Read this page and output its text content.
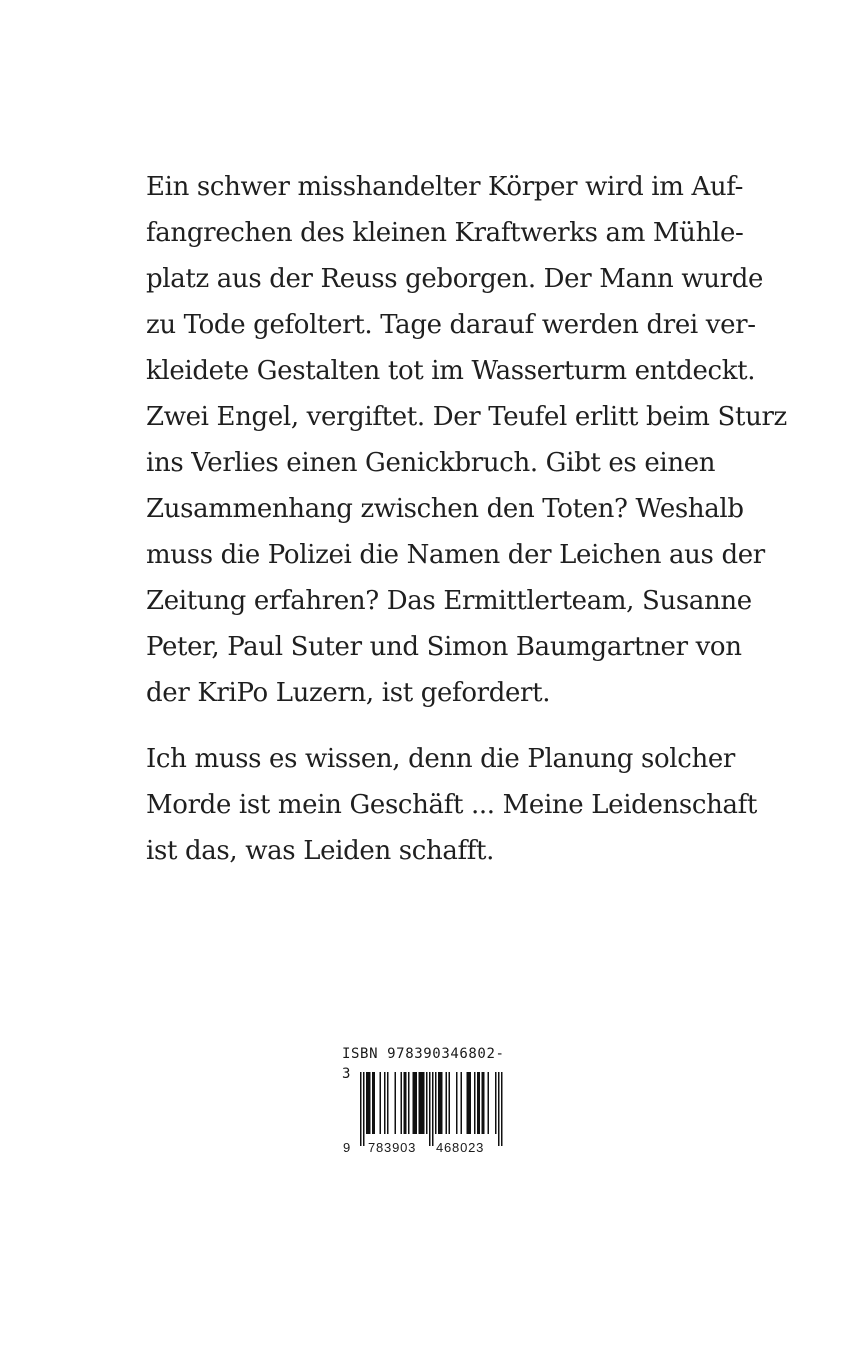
Ein schwer misshandelter Körper wird im Auf-
fangrechen des kleinen Kraftwerks am Mühle-
platz aus der Reuss geborgen. Der Mann wurde
zu Tode gefoltert. Tage darauf werden drei ver-
kleidete Gestalten tot im Wasserturm entdeckt.
Zwei Engel, vergiftet. Der Teufel erlitt beim Sturz
ins Verlies einen Genickbruch. Gibt es einen
Zusammenhang zwischen den Toten? Weshalb
muss die Polizei die Namen der Leichen aus der
Zeitung erfahren? Das Ermittlerteam, Susanne
Peter, Paul Suter und Simon Baumgartner von
der KriPo Luzern, ist gefordert.
Ich muss es wissen, denn die Planung solcher
Morde ist mein Geschäft ... Meine Leidenschaft
ist das, was Leiden schafft.
ISBN 978390346802-3
9 783903 468023
